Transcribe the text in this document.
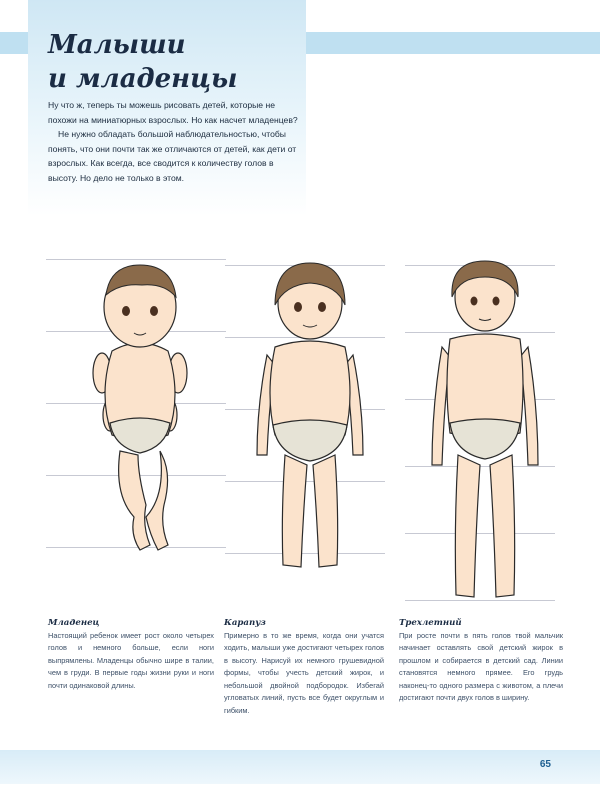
Малыши
и младенцы

Ну что ж, теперь ты можешь рисовать детей, которые не похожи на миниатюрных взрослых. Но как насчет младенцев?

Не нужно обладать большой наблюдательностью, чтобы понять, что они почти так же отличаются от детей, как дети от взрослых. Как всегда, все сводится к количеству голов в высоту. Но дело не только в этом.

Младенец
Настоящий ребенок имеет рост около четырех голов и немного больше, если ноги выпрямлены. Младенцы обычно шире в талии, чем в груди. В первые годы жизни руки и ноги почти одинаковой длины.
Карапуз
Примерно в то же время, когда они учатся ходить, малыши уже достигают четырех голов в высоту. Нарисуй их немного грушевидной формы, чтобы учесть детский жирок, и небольшой двойной подбородок. Избегай угловатых линий, пусть все будет округлым и гибким.
Трехлетний
При росте почти в пять голов твой мальчик начинает оставлять свой детский жирок в прошлом и собирается в детский сад. Линии становятся немного прямее. Его грудь наконец-то одного размера с животом, а плечи достигают почти двух голов в ширину.
65
